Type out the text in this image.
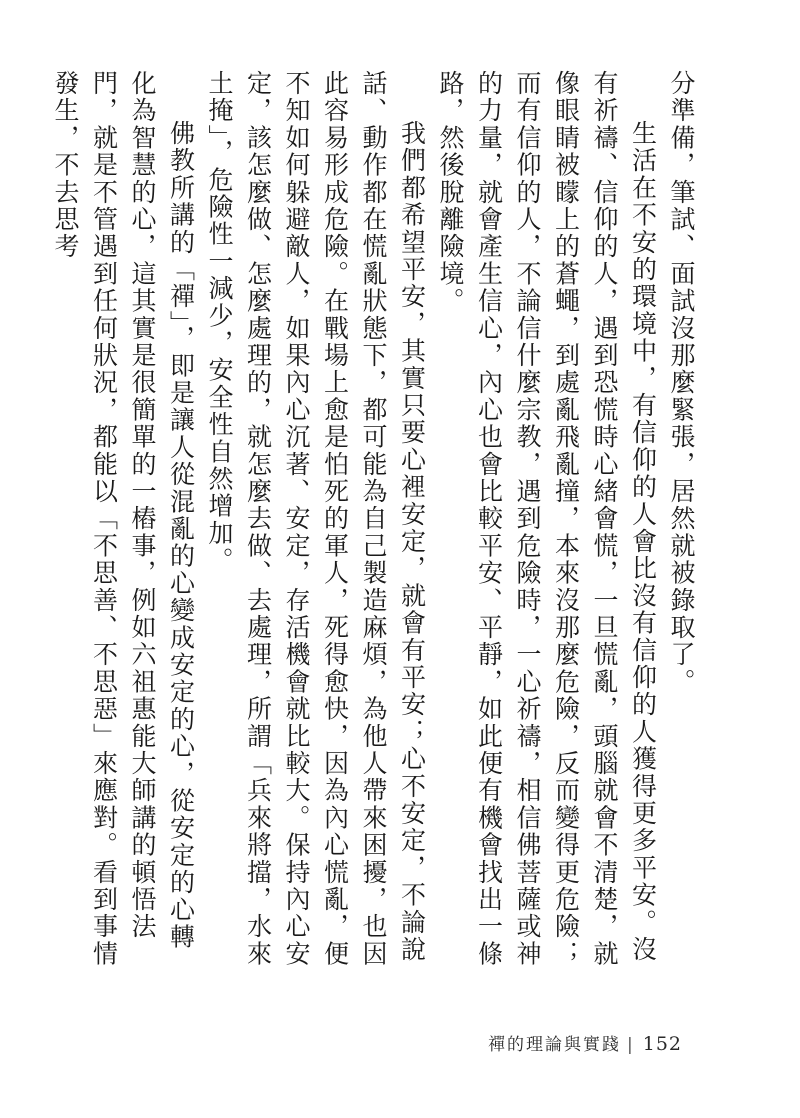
分準備，筆試、面試沒那麼緊張，居然就被錄取了。

生活在不安的環境中，有信仰的人會比沒有信仰的人獲得更多平安。沒有祈禱、信仰的人，遇到恐慌時心緒會慌，一旦慌亂，頭腦就會不清楚，就像眼睛被矇上的蒼蠅，到處亂飛亂撞，本來沒那麼危險，反而變得更危險；而有信仰的人，不論信什麼宗教，遇到危險時，一心祈禱，相信佛菩薩或神的力量，就會產生信心，內心也會比較平安、平靜，如此便有機會找出一條路，然後脫離險境。

我們都希望平安，其實只要心裡安定，就會有平安；心不安定，不論說話、動作都在慌亂狀態下，都可能為自己製造麻煩，為他人帶來困擾，也因此容易形成危險。在戰場上愈是怕死的軍人，死得愈快，因為內心慌亂，便不知如何躲避敵人，如果內心沉著、安定，存活機會就比較大。保持內心安定，該怎麼做、怎麼處理的，就怎麼去做、去處理，所謂「兵來將擋，水來土掩」，危險性一減少，安全性自然增加。

佛教所講的「禪」，即是讓人從混亂的心變成安定的心，從安定的心轉化為智慧的心，這其實是很簡單的一樁事，例如六祖惠能大師講的頓悟法門，就是不管遇到任何狀況，都能以「不思善、不思惡」來應對。看到事情發生，不去思考

禪的理論與實踐 | 152
